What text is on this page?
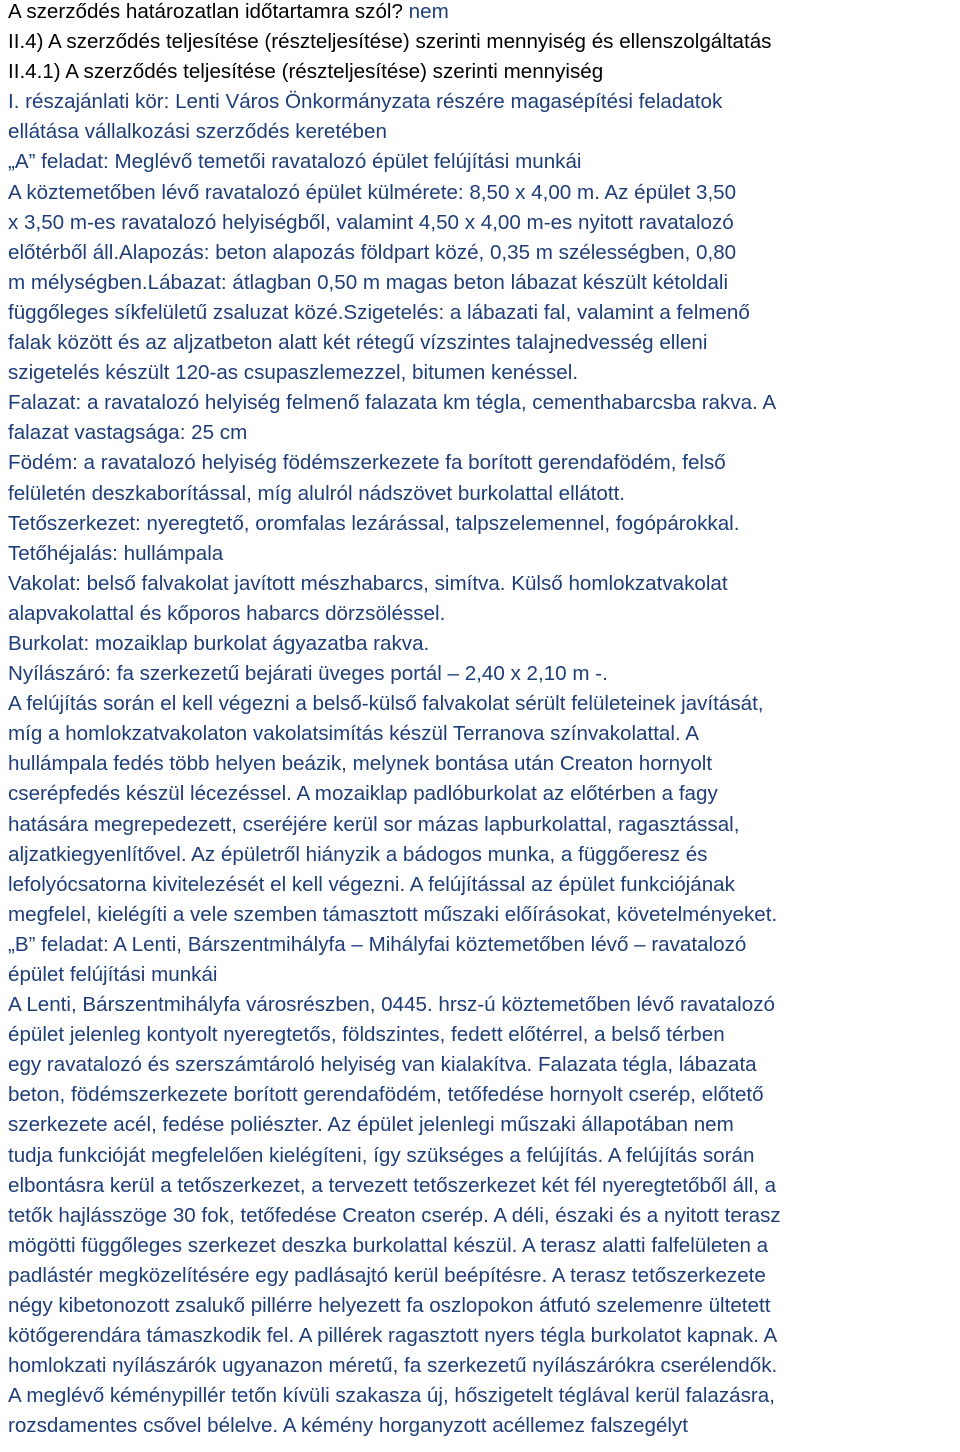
A szerződés határozatlan időtartamra szól? nem
II.4) A szerződés teljesítése (részteljesítése) szerinti mennyiség és ellenszolgáltatás
II.4.1) A szerződés teljesítése (részteljesítése) szerinti mennyiség
I. részajánlati kör: Lenti Város Önkormányzata részére magasépítési feladatok
ellátása vállalkozási szerződés keretében
„A” feladat: Meglévő temetői ravatalozó épület felújítási munkái
A köztemetőben lévő ravatalozó épület külmérete: 8,50 x 4,00 m. Az épület 3,50
x 3,50 m-es ravatalozó helyiségből, valamint 4,50 x 4,00 m-es nyitott ravatalozó
előtérből áll.Alapozás: beton alapozás földpart közé, 0,35 m szélességben, 0,80
m mélységben.Lábazat: átlagban 0,50 m magas beton lábazat készült kétoldali
függőleges síkfelületű zsaluzat közé.Szigetelés: a lábazati fal, valamint a felmenő
falak között és az aljzatbeton alatt két rétegű vízszintes talajnedvesség elleni
szigetelés készült 120-as csupaszlemezzel, bitumen kenéssel.
Falazat: a ravatalozó helyiség felmenő falazata km tégla, cementhabarcsba rakva. A
falazat vastagsága: 25 cm
Födém: a ravatalozó helyiség födémszerkezete fa borított gerendafödém, felső
felületén deszkaborítással, míg alulról nádszövet burkolattal ellátott.
Tetőszerkezet: nyeregtető, oromfalas lezárással, talpszelemennel, fogópárokkal.
Tetőhéjalás: hullámpala
Vakolat: belső falvakolat javított mészhabarcs, simítva. Külső homlokzatvakolat
alapvakolattal és kőporos habarcs dörzsöléssel.
Burkolat: mozaiklap burkolat ágyazatba rakva.
Nyílászáró: fa szerkezetű bejárati üveges portál – 2,40 x 2,10 m -.
A felújítás során el kell végezni a belső-külső falvakolat sérült felületeinek javítását,
míg a homlokzatvakolaton vakolatsimítás készül Terranova színvakolattal. A
hullámpala fedés több helyen beázik, melynek bontása után Creaton hornyolt
cserépfedés készül lécezéssel. A mozaiklap padlóburkolat az előtérben a fagy
hatására megrepedezett, cseréjére kerül sor mázas lapburkolattal, ragasztással,
aljzatkiegyenlítővel. Az épületről hiányzik a bádogos munka, a függőeresz és
lefolyócsatorna kivitelezését el kell végezni. A felújítással az épület funkciójának
megfelel, kielégíti a vele szemben támasztott műszaki előírásokat, követelményeket.
„B” feladat: A Lenti, Bárszentmihályfa – Mihályfai köztemetőben lévő – ravatalozó
épület felújítási munkái
A Lenti, Bárszentmihályfa városrészben, 0445. hrsz-ú köztemetőben lévő ravatalozó
épület jelenleg kontyolt nyeregtetős, földszintes, fedett előtérrel, a belső térben
egy ravatalozó és szerszámtároló helyiség van kialakítva. Falazata tégla, lábazata
beton, födémszerkezete borított gerendafödém, tetőfedése hornyolt cserép, előtető
szerkezete acél, fedése poliészter. Az épület jelenlegi műszaki állapotában nem
tudja funkcióját megfelelően kielégíteni, így szükséges a felújítás. A felújítás során
elbontásra kerül a tetőszerkezet, a tervezett tetőszerkezet két fél nyeregtetőből áll, a
tetők hajlásszöge 30 fok, tetőfedése Creaton cserép. A déli, északi és a nyitott terasz
mögötti függőleges szerkezet deszka burkolattal készül. A terasz alatti falfelületen a
padlástér megközelítésére egy padlásajtó kerül beépítésre. A terasz tetőszerkezete
négy kibetonozott zsalukő pillérre helyezett fa oszlopokon átfutó szelemenre ültetett
kötőgerendára támaszkodik fel. A pillérek ragasztott nyers tégla burkolatot kapnak. A
homlokzati nyílászárók ugyanazon méretű, fa szerkezetű nyílászárókra cserélendők.
A meglévő kéménypillér tetőn kívüli szakasza új, hőszigetelt téglával kerül falazásra,
rozsdamentes csővel bélelve. A kémény horganyzott acéllemez falszegélyt
